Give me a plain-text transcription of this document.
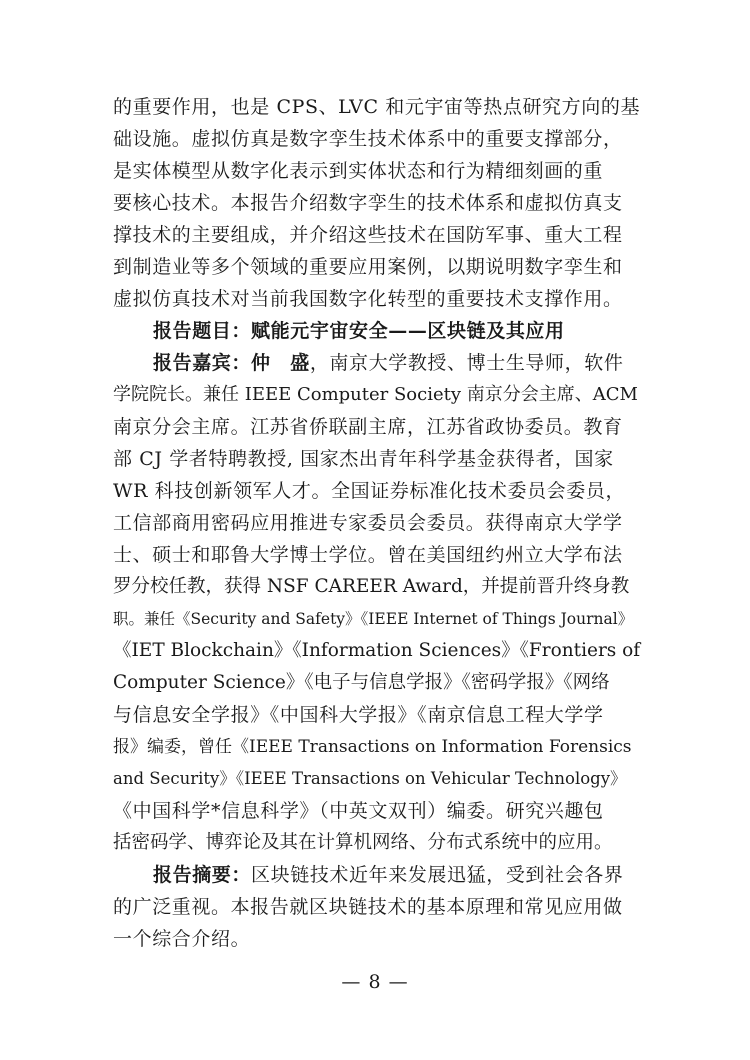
的重要作用，也是 CPS、LVC 和元宇宙等热点研究方向的基
础设施。虚拟仿真是数字孪生技术体系中的重要支撑部分，
是实体模型从数字化表示到实体状态和行为精细刻画的重
要核心技术。本报告介绍数字孪生的技术体系和虚拟仿真支
撑技术的主要组成，并介绍这些技术在国防军事、重大工程
到制造业等多个领域的重要应用案例，以期说明数字孪生和
虚拟仿真技术对当前我国数字化转型的重要技术支撑作用。
报告题目：赋能元宇宙安全——区块链及其应用
报告嘉宾：仲　盛，南京大学教授、博士生导师，软件
学院院长。兼任 IEEE Computer Society 南京分会主席、ACM
南京分会主席。江苏省侨联副主席，江苏省政协委员。教育
部 CJ 学者特聘教授, 国家杰出青年科学基金获得者，国家
WR 科技创新领军人才。全国证券标准化技术委员会委员，
工信部商用密码应用推进专家委员会委员。获得南京大学学
士、硕士和耶鲁大学博士学位。曾在美国纽约州立大学布法
罗分校任教，获得 NSF CAREER Award，并提前晋升终身教
职。兼任《Security and Safety》《IEEE Internet of Things Journal》
《IET Blockchain》《Information Sciences》《Frontiers of
Computer Science》《电子与信息学报》《密码学报》《网络
与信息安全学报》《中国科大学报》《南京信息工程大学学
报》编委，曾任《IEEE Transactions on Information Forensics
and Security》《IEEE Transactions on Vehicular Technology》
《中国科学*信息科学》（中英文双刊）编委。研究兴趣包
括密码学、博弈论及其在计算机网络、分布式系统中的应用。
报告摘要：区块链技术近年来发展迅猛，受到社会各界
的广泛重视。本报告就区块链技术的基本原理和常见应用做
一个综合介绍。
— 8 —
